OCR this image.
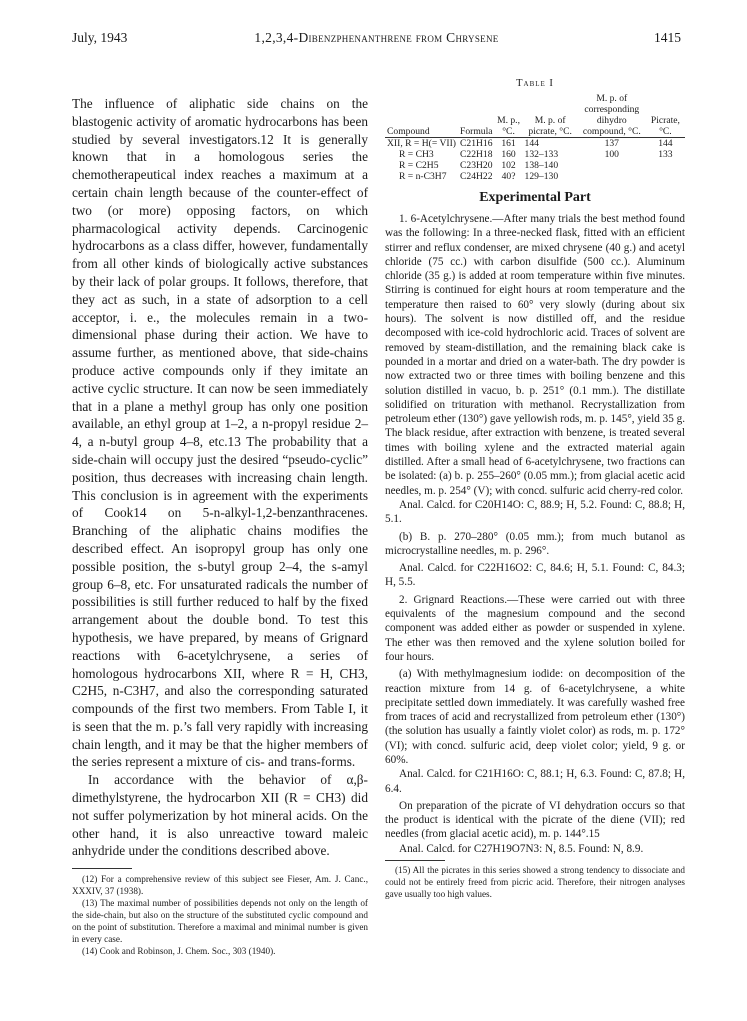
July, 1943	1,2,3,4-Dibenzphenanthrene from Chrysene	1415

The influence of aliphatic side chains on the blastogenic activity of aromatic hydrocarbons has been studied by several investigators.12 It is generally known that in a homologous series the chemotherapeutical index reaches a maximum at a certain chain length because of the counter-effect of two (or more) opposing factors, on which pharmacological activity depends. Carcinogenic hydrocarbons as a class differ, however, fundamentally from all other kinds of biologically active substances by their lack of polar groups. It follows, therefore, that they act as such, in a state of adsorption to a cell acceptor, i. e., the molecules remain in a two-dimensional phase during their action. We have to assume further, as mentioned above, that side-chains produce active compounds only if they imitate an active cyclic structure. It can now be seen immediately that in a plane a methyl group has only one position available, an ethyl group at 1–2, a n-propyl residue 2–4, a n-butyl group 4–8, etc.13 The probability that a side-chain will occupy just the desired “pseudo-cyclic” position, thus decreases with increasing chain length. This conclusion is in agreement with the experiments of Cook14 on 5-n-alkyl-1,2-benzanthracenes. Branching of the aliphatic chains modifies the described effect. An isopropyl group has only one possible position, the s-butyl group 2–4, the s-amyl group 6–8, etc. For unsaturated radicals the number of possibilities is still further reduced to half by the fixed arrangement about the double bond. To test this hypothesis, we have prepared, by means of Grignard reactions with 6-acetylchrysene, a series of homologous hydrocarbons XII, where R = H, CH3, C2H5, n-C3H7, and also the corresponding saturated compounds of the first two members. From Table I, it is seen that the m. p.’s fall very rapidly with increasing chain length, and it may be that the higher members of the series represent a mixture of cis- and trans-forms.

In accordance with the behavior of α,β-dimethylstyrene, the hydrocarbon XII (R = CH3) did not suffer polymerization by hot mineral acids. On the other hand, it is also unreactive toward maleic anhydride under the conditions described above.

(12) For a comprehensive review of this subject see Fieser, Am. J. Canc., XXXIV, 37 (1938).

(13) The maximal number of possibilities depends not only on the length of the side-chain, but also on the structure of the substituted cyclic compound and on the point of substitution. Therefore a maximal and minimal number is given in every case.

(14) Cook and Robinson, J. Chem. Soc., 303 (1940).

Table I
Compound	Formula	M. p., °C.	M. p. of picrate, °C.	M. p. of corresponding dihydro compound, °C.	Picrate, °C.
XII, R = H(= VII)	C21H16	161	144	137	144
R = CH3	C22H18	160	132–133	100	133
R = C2H5	C23H20	102	138–140		
R = n-C3H7	C24H22	40?	129–130		
Experimental Part

1. 6-Acetylchrysene.—After many trials the best method found was the following: In a three-necked flask, fitted with an efficient stirrer and reflux condenser, are mixed chrysene (40 g.) and acetyl chloride (75 cc.) with carbon disulfide (500 cc.). Aluminum chloride (35 g.) is added at room temperature within five minutes. Stirring is continued for eight hours at room temperature and the temperature then raised to 60° very slowly (during about six hours). The solvent is now distilled off, and the residue decomposed with ice-cold hydrochloric acid. Traces of solvent are removed by steam-distillation, and the remaining black cake is pounded in a mortar and dried on a water-bath. The dry powder is now extracted two or three times with boiling benzene and this solution distilled in vacuo, b. p. 251° (0.1 mm.). The distillate solidified on trituration with methanol. Recrystallization from petroleum ether (130°) gave yellowish rods, m. p. 145°, yield 35 g. The black residue, after extraction with benzene, is treated several times with boiling xylene and the extracted material again distilled. After a small head of 6-acetylchrysene, two fractions can be isolated: (a) b. p. 255–260° (0.05 mm.); from glacial acetic acid needles, m. p. 254° (V); with concd. sulfuric acid cherry-red color.

Anal. Calcd. for C20H14O: C, 88.9; H, 5.2. Found: C, 88.8; H, 5.1.

(b) B. p. 270–280° (0.05 mm.); from much butanol as microcrystalline needles, m. p. 296°.

Anal. Calcd. for C22H16O2: C, 84.6; H, 5.1. Found: C, 84.3; H, 5.5.

2. Grignard Reactions.—These were carried out with three equivalents of the magnesium compound and the second component was added either as powder or suspended in xylene. The ether was then removed and the xylene solution boiled for four hours.

(a) With methylmagnesium iodide: on decomposition of the reaction mixture from 14 g. of 6-acetylchrysene, a white precipitate settled down immediately. It was carefully washed free from traces of acid and recrystallized from petroleum ether (130°) (the solution has usually a faintly violet color) as rods, m. p. 172° (VI); with concd. sulfuric acid, deep violet color; yield, 9 g. or 60%.

Anal. Calcd. for C21H16O: C, 88.1; H, 6.3. Found: C, 87.8; H, 6.4.

On preparation of the picrate of VI dehydration occurs so that the product is identical with the picrate of the diene (VII); red needles (from glacial acetic acid), m. p. 144°.15

Anal. Calcd. for C27H19O7N3: N, 8.5. Found: N, 8.9.

(15) All the picrates in this series showed a strong tendency to dissociate and could not be entirely freed from picric acid. Therefore, their nitrogen analyses gave usually too high values.
